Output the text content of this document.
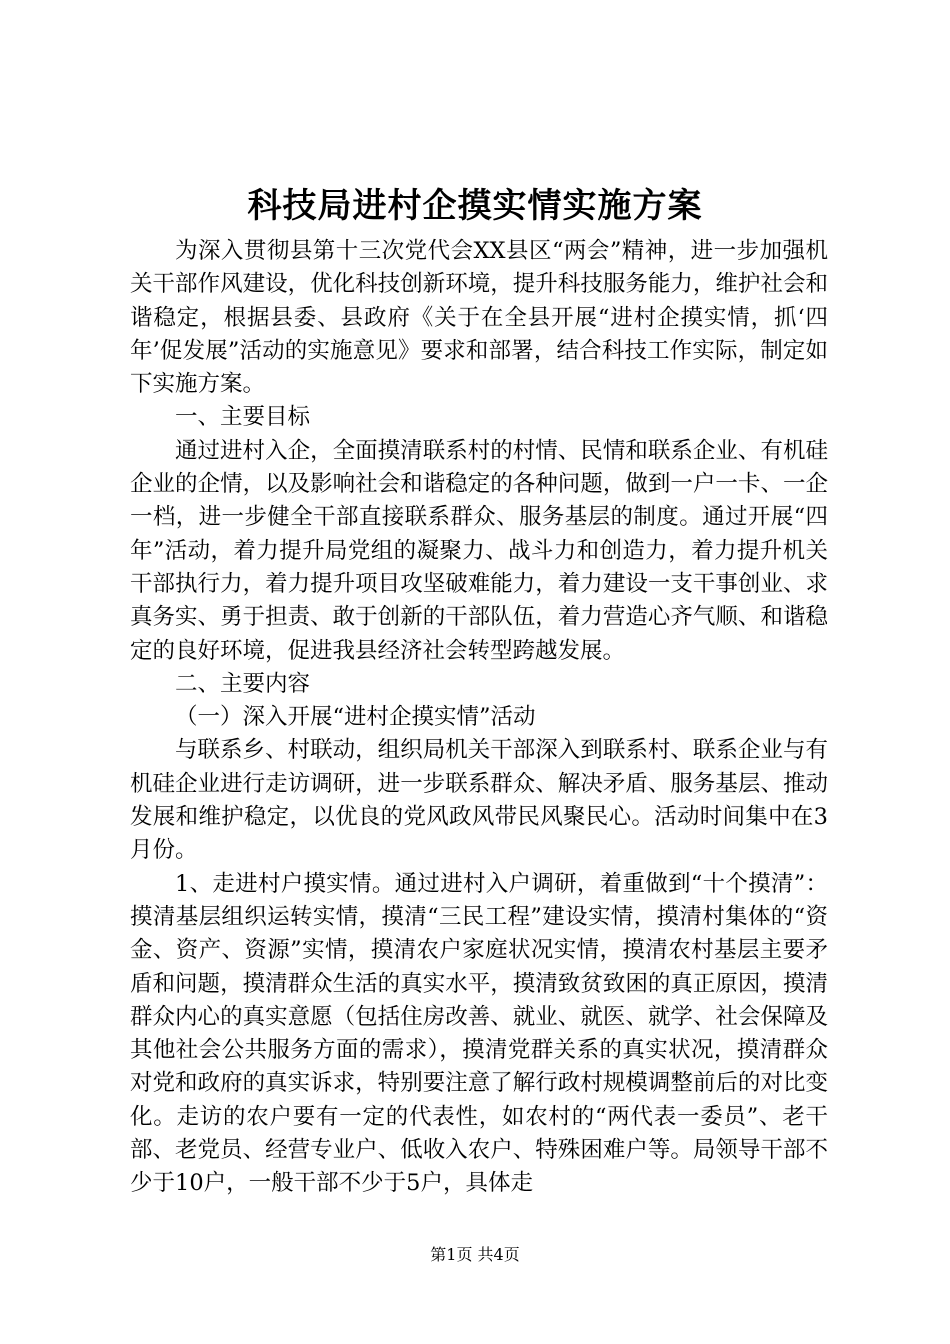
科技局进村企摸实情实施方案

为深入贯彻县第十三次党代会XX县区“两会”精神，进一步加强机关干部作风建设，优化科技创新环境，提升科技服务能力，维护社会和谐稳定，根据县委、县政府《关于在全县开展“进村企摸实情，抓‘四年’促发展”活动的实施意见》要求和部署，结合科技工作实际，制定如下实施方案。

一、主要目标

通过进村入企，全面摸清联系村的村情、民情和联系企业、有机硅企业的企情，以及影响社会和谐稳定的各种问题，做到一户一卡、一企一档，进一步健全干部直接联系群众、服务基层的制度。通过开展“四年”活动，着力提升局党组的凝聚力、战斗力和创造力，着力提升机关干部执行力，着力提升项目攻坚破难能力，着力建设一支干事创业、求真务实、勇于担责、敢于创新的干部队伍，着力营造心齐气顺、和谐稳定的良好环境，促进我县经济社会转型跨越发展。

二、主要内容

（一）深入开展“进村企摸实情”活动

与联系乡、村联动，组织局机关干部深入到联系村、联系企业与有机硅企业进行走访调研，进一步联系群众、解决矛盾、服务基层、推动发展和维护稳定，以优良的党风政风带民风聚民心。活动时间集中在3月份。

1、走进村户摸实情。通过进村入户调研，着重做到“十个摸清”：摸清基层组织运转实情，摸清“三民工程”建设实情，摸清村集体的“资金、资产、资源”实情，摸清农户家庭状况实情，摸清农村基层主要矛盾和问题，摸清群众生活的真实水平，摸清致贫致困的真正原因，摸清群众内心的真实意愿（包括住房改善、就业、就医、就学、社会保障及其他社会公共服务方面的需求），摸清党群关系的真实状况，摸清群众对党和政府的真实诉求，特别要注意了解行政村规模调整前后的对比变化。走访的农户要有一定的代表性，如农村的“两代表一委员”、老干部、老党员、经营专业户、低收入农户、特殊困难户等。局领导干部不少于10户，一般干部不少于5户，具体走

第1页 共4页
